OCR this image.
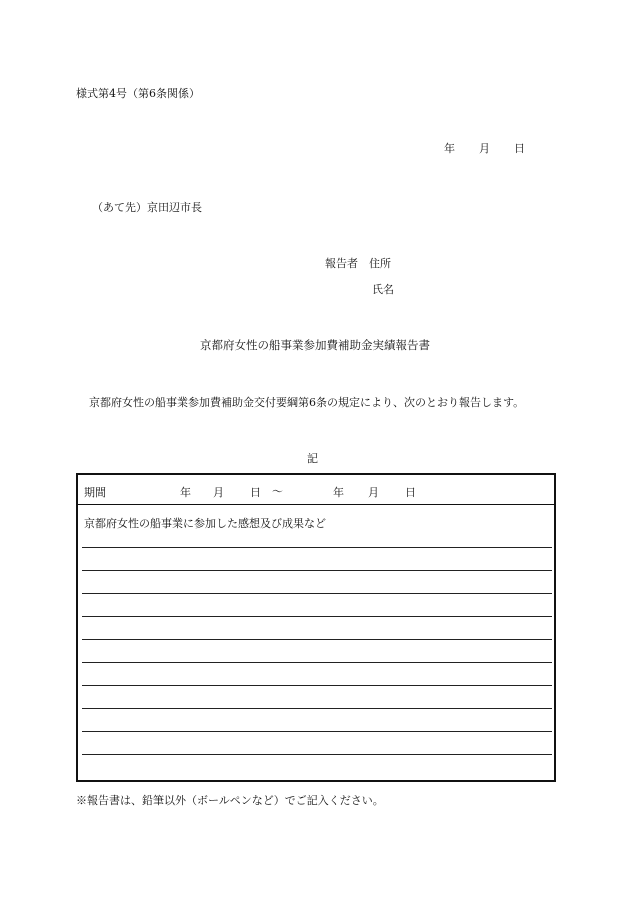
様式第4号（第6条関係）
年 月 日
（あて先）京田辺市長
報告者　 住所
氏名
京都府女性の船事業参加費補助金実績報告書
京都府女性の船事業参加費補助金交付要綱第6条の規定により、次のとおり報告します。
記
期間	年 月 日 〜	年 月 日
京都府女性の船事業に参加した感想及び成果など
※報告書は、鉛筆以外（ボールペンなど）でご記入ください。
